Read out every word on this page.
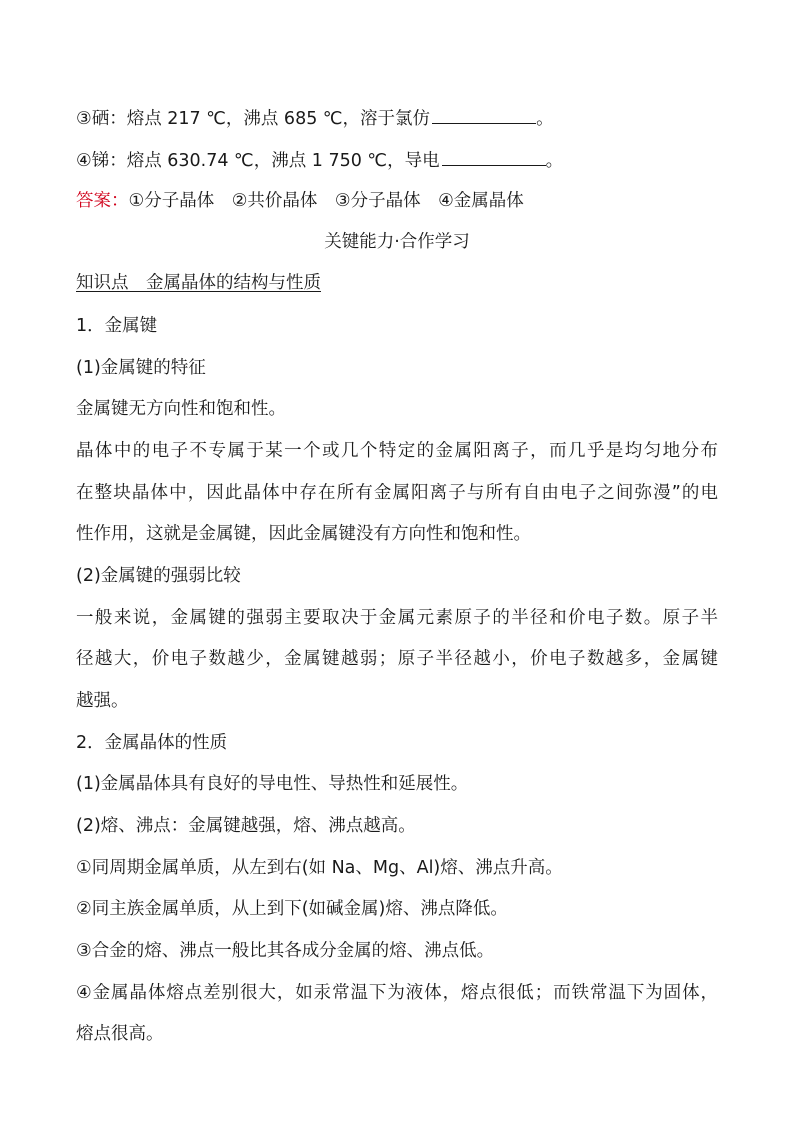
③硒：熔点 217 ℃，沸点 685 ℃，溶于氯仿	。
④锑：熔点 630.74 ℃，沸点 1 750 ℃，导电	。
答案：①分子晶体　②共价晶体　③分子晶体　④金属晶体
关键能力·合作学习
知识点　金属晶体的结构与性质
1．金属键
(1)金属键的特征
金属键无方向性和饱和性。
晶体中的电子不专属于某一个或几个特定的金属阳离子，而几乎是均匀地分布
在整块晶体中，因此晶体中存在所有金属阳离子与所有自由电子之间弥漫”的电
性作用，这就是金属键，因此金属键没有方向性和饱和性。
(2)金属键的强弱比较
一般来说，金属键的强弱主要取决于金属元素原子的半径和价电子数。原子半
径越大，价电子数越少，金属键越弱；原子半径越小，价电子数越多，金属键
越强。
2．金属晶体的性质
(1)金属晶体具有良好的导电性、导热性和延展性。
(2)熔、沸点：金属键越强，熔、沸点越高。
①同周期金属单质，从左到右(如 Na、Mg、Al)熔、沸点升高。
②同主族金属单质，从上到下(如碱金属)熔、沸点降低。
③合金的熔、沸点一般比其各成分金属的熔、沸点低。
④金属晶体熔点差别很大，如汞常温下为液体，熔点很低；而铁常温下为固体，
熔点很高。
